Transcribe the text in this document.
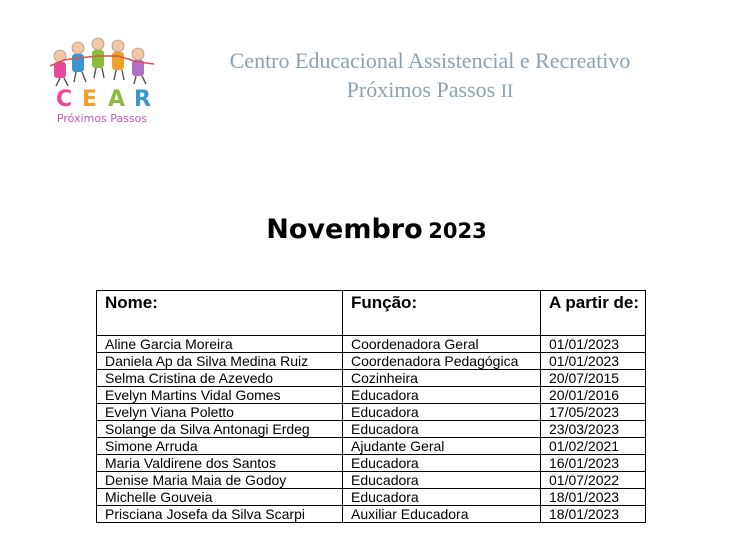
C E A R
Próximos Passos
Centro Educacional Assistencial e Recreativo
Próximos Passos II
Novembro 2023
Nome:	Função:	A partir de:
Aline Garcia Moreira	Coordenadora Geral	01/01/2023
Daniela Ap da Silva Medina Ruiz	Coordenadora Pedagógica	01/01/2023
Selma Cristina de Azevedo	Cozinheira	20/07/2015
Evelyn Martins Vidal Gomes	Educadora	20/01/2016
Evelyn Viana Poletto	Educadora	17/05/2023
Solange da Silva Antonagi Erdeg	Educadora	23/03/2023
Simone Arruda	Ajudante Geral	01/02/2021
Maria Valdirene dos Santos	Educadora	16/01/2023
Denise Maria Maia de Godoy	Educadora	01/07/2022
Michelle Gouveia	Educadora	18/01/2023
Prisciana Josefa da Silva Scarpi	Auxiliar Educadora	18/01/2023
